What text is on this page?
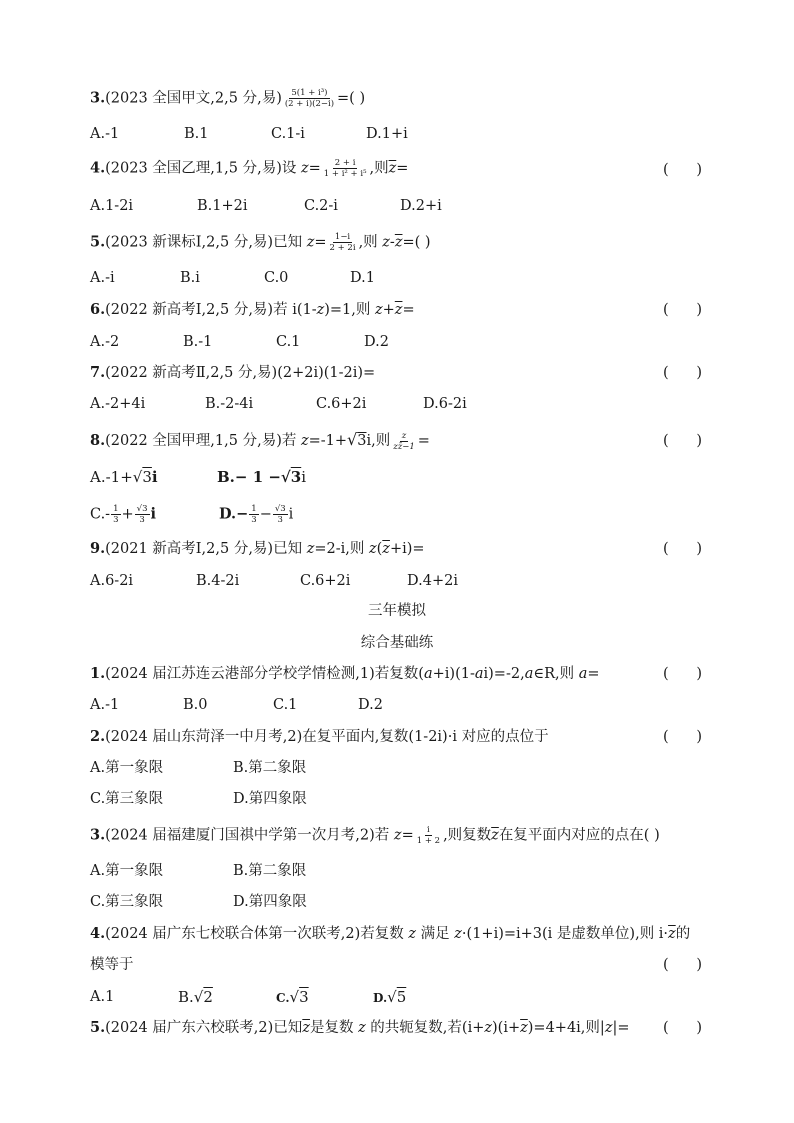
3.(2023 全国甲文,2,5 分,易) $\frac{\text{5(1 + i³)}}{(2 + i)(2-i)}$ =( )
A.-1	B.1	C.1-i	D.1+i
4.(2023 全国乙理,1,5 分,易)设 $z= \frac{2 + i}{\text{1 + i² + i⁵}}$ ,则$\overline{z}=$	(      )
A.1-2i	B.1+2i	C.2-i	D.2+i
5.(2023 新课标Ⅰ,2,5 分,易)已知 $z= \frac{1-i}{2 + 2i}$ ,则 $z-\overline{z}=$( )
A.-i	B.i	C.0	D.1
6.(2022 新高考Ⅰ,2,5 分,易)若 i(1-z)=1,则 $z+\overline{z}=$	(      )
A.-2	B.-1	C.1	D.2
7.(2022 新高考Ⅱ,2,5 分,易)(2+2i)(1-2i)=	(      )
A.-2+4i	B.-2-4i	C.6+2i	D.6-2i
8.(2022 全国甲理,1,5 分,易)若 z=-1+√3i,则 $\frac{z}{zz̄-1}$ =	(      )
A.-1+√3i	B.− 1 −√3i
$C.- \frac{1}{3} + \frac{√3}{3}$ i	$D.- \frac{1}{3} - \frac{√3}{3}$ i
9.(2021 新高考Ⅰ,2,5 分,易)已知 z=2-i,则 $z(\overline{z}+i)=$	(      )
A.6-2i	B.4-2i	C.6+2i	D.4+2i
三年模拟
综合基础练
1.(2024 届江苏连云港部分学校学情检测,1)若复数(a+i)(1-ai)=-2,a∈R,则 a=	(      )
A.-1	B.0	C.1	D.2
2.(2024 届山东菏泽一中月考,2)在复平面内,复数(1-2i)·i 对应的点位于	(      )
A.第一象限	B.第二象限
C.第三象限	D.第四象限
3.(2024 届福建厦门国祺中学第一次月考,2)若 $z= \frac{i}{1 + 2}$ ,则复数$\overline{z}$在复平面内对应的点在( )
A.第一象限	B.第二象限
C.第三象限	D.第四象限
4.(2024 届广东七校联合体第一次联考,2)若复数 z 满足 z·(1+i)=i+3(i 是虚数单位),则 $i\cdot\overline{z}$的
模等于	(      )
A.1	B.√2	C.√3	D.√5
5.(2024 届广东六校联考,2)已知$\overline{z}$是复数 z 的共轭复数,若$(i+z)(i+\overline{z})=4+4i$,则|z|= (      )
